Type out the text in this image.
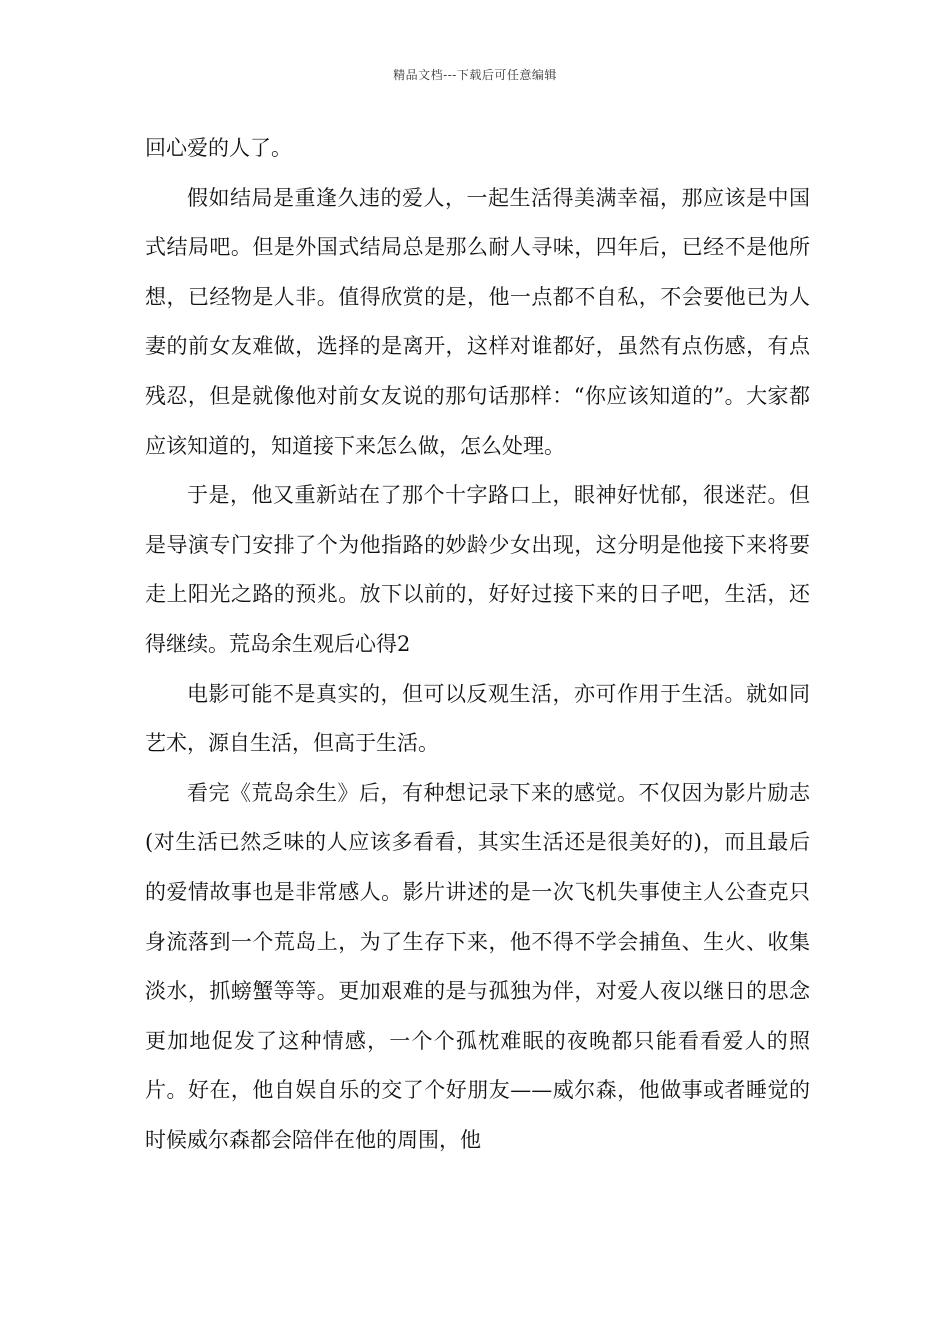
精品文档---下载后可任意编辑

回心爱的人了。

假如结局是重逢久违的爱人，一起生活得美满幸福，那应该是中国式结局吧。但是外国式结局总是那么耐人寻味，四年后，已经不是他所想，已经物是人非。值得欣赏的是，他一点都不自私，不会要他已为人妻的前女友难做，选择的是离开，这样对谁都好，虽然有点伤感，有点残忍，但是就像他对前女友说的那句话那样：“你应该知道的”。大家都应该知道的，知道接下来怎么做，怎么处理。

于是，他又重新站在了那个十字路口上，眼神好忧郁，很迷茫。但是导演专门安排了个为他指路的妙龄少女出现，这分明是他接下来将要走上阳光之路的预兆。放下以前的，好好过接下来的日子吧，生活，还得继续。荒岛余生观后心得2

电影可能不是真实的，但可以反观生活，亦可作用于生活。就如同艺术，源自生活，但高于生活。

看完《荒岛余生》后，有种想记录下来的感觉。不仅因为影片励志(对生活已然乏味的人应该多看看，其实生活还是很美好的)，而且最后的爱情故事也是非常感人。影片讲述的是一次飞机失事使主人公查克只身流落到一个荒岛上，为了生存下来，他不得不学会捕鱼、生火、收集淡水，抓螃蟹等等。更加艰难的是与孤独为伴，对爱人夜以继日的思念更加地促发了这种情感，一个个孤枕难眠的夜晚都只能看看爱人的照片。好在，他自娱自乐的交了个好朋友——威尔森，他做事或者睡觉的时候威尔森都会陪伴在他的周围，他
